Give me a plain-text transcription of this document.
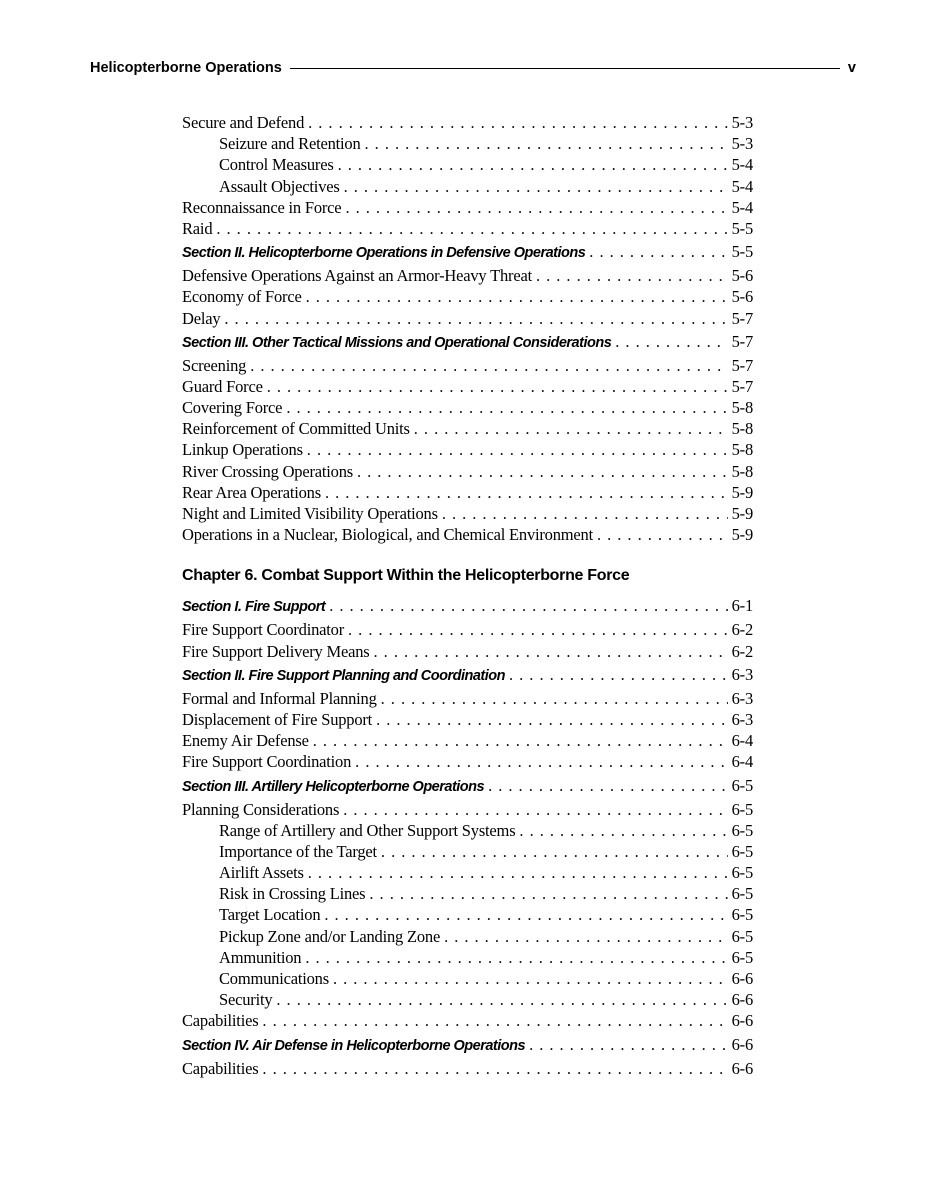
Helicopterborne Operations	v
Secure and Defend . . .	5-3
Seizure and Retention . . .	5-3
Control Measures . . .	5-4
Assault Objectives . . .	5-4
Reconnaissance in Force . . .	5-4
Raid . . .	5-5
Section II. Helicopterborne Operations in Defensive Operations . . .	5-5
Defensive Operations Against an Armor-Heavy Threat . . .	5-6
Economy of Force . . .	5-6
Delay . . .	5-7
Section III. Other Tactical Missions and Operational Considerations . . .	5-7
Screening . . .	5-7
Guard Force . . .	5-7
Covering Force . . .	5-8
Reinforcement of Committed Units . . .	5-8
Linkup Operations . . .	5-8
River Crossing Operations . . .	5-8
Rear Area Operations . . .	5-9
Night and Limited Visibility Operations . . .	5-9
Operations in a Nuclear, Biological, and Chemical Environment . . .	5-9
Chapter 6. Combat Support Within the Helicopterborne Force
Section I. Fire Support . . .	6-1
Fire Support Coordinator . . .	6-2
Fire Support Delivery Means . . .	6-2
Section II. Fire Support Planning and Coordination . . .	6-3
Formal and Informal Planning . . .	6-3
Displacement of Fire Support . . .	6-3
Enemy Air Defense . . .	6-4
Fire Support Coordination . . .	6-4
Section III. Artillery Helicopterborne Operations . . .	6-5
Planning Considerations . . .	6-5
Range of Artillery and Other Support Systems . . .	6-5
Importance of the Target . . .	6-5
Airlift Assets . . .	6-5
Risk in Crossing Lines . . .	6-5
Target Location . . .	6-5
Pickup Zone and/or Landing Zone . . .	6-5
Ammunition . . .	6-5
Communications . . .	6-6
Security . . .	6-6
Capabilities . . .	6-6
Section IV. Air Defense in Helicopterborne Operations . . .	6-6
Capabilities . . .	6-6
